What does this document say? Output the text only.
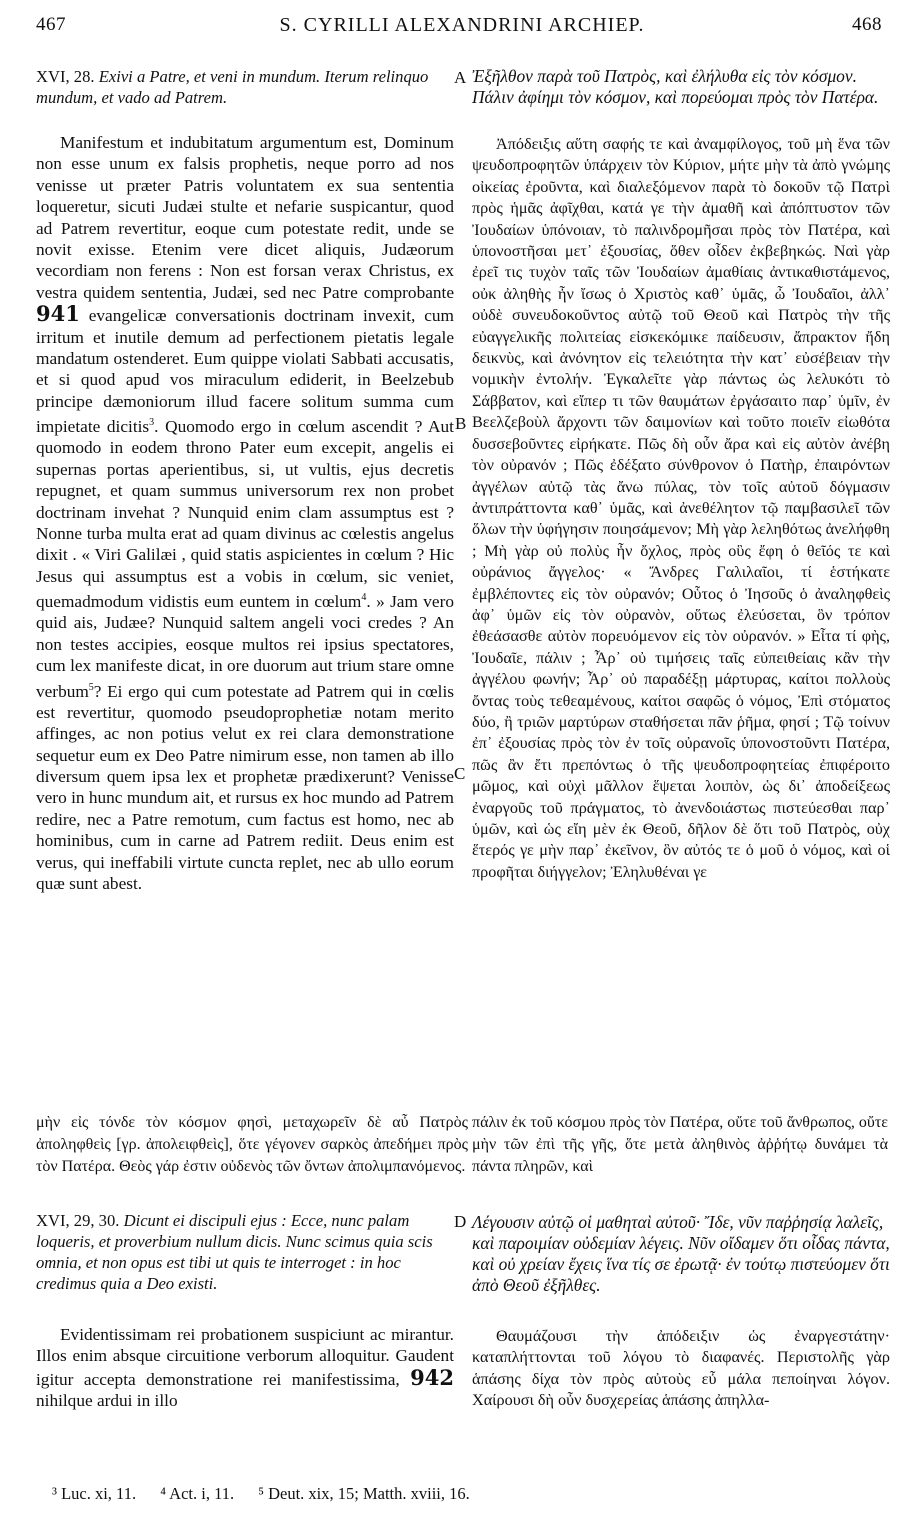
467	S. CYRILLI ALEXANDRINI ARCHIEP.	468
XVI, 28. Exivi a Patre, et veni in mundum. Iterum relinquo mundum, et vado ad Patrem.
A Ἐξῆλθον παρὰ τοῦ Πατρὸς, καὶ ἐλήλυθα εἰς τὸν κόσμον. Πάλιν ἀφίημι τὸν κόσμον, καὶ πορεύομαι πρὸς τὸν Πατέρα.

Manifestum et indubitatum argumentum est, Dominum non esse unum ex falsis prophetis, neque porro ad nos venisse ut præter Patris voluntatem ex sua sententia loqueretur, sicuti Judæi stulte et nefarie suspicantur, quod ad Patrem revertitur, eoque cum potestate redit, unde se novit exisse. Etenim vere dicet aliquis, Judæorum vecordiam non ferens : Non est forsan verax Christus, ex vestra quidem sententia, Judæi, sed nec Patre comprobante 941 evangelicæ conversationis doctrinam invexit, cum irritum et inutile demum ad perfectionem pietatis legale mandatum ostenderet. Eum quippe violati Sabbati accusatis, et si quod apud vos miraculum ediderit, in Beelzebub principe dæmoniorum illud facere solitum summa cum impietate dicitis$^3$. Quomodo ergo in cœlum ascendit ? Aut quomodo in eodem throno Pater eum excepit, angelis ei supernas portas aperientibus, si, ut vultis, ejus decretis repugnet, et quam summus universorum rex non probet doctrinam invehat ? Nunquid enim clam assumptus est ? Nonne turba multa erat ad quam divinus ac cœlestis angelus dixit . « Viri Galilæi , quid statis aspicientes in cœlum ? Hic Jesus qui assumptus est a vobis in cœlum, sic veniet, quemadmodum vidistis eum euntem in cœlum$^4$. » Jam vero quid ais, Judæe? Nunquid saltem angeli voci credes ? An non testes accipies, eosque multos rei ipsius spectatores, cum lex manifeste dicat, in ore duorum aut trium stare omne verbum$^5$? Ei ergo qui cum potestate ad Patrem qui in cœlis est revertitur, quomodo pseudoprophetiæ notam merito affinges, ac non potius velut ex rei clara demonstratione sequetur eum ex Deo Patre nimirum esse, non tamen ab illo diversum quem ipsa lex et prophetæ prædixerunt? Venisse vero in hunc mundum ait, et rursus ex hoc mundo ad Patrem redire, nec a Patre remotum, cum factus est homo, nec ab hominibus, cum in carne ad Patrem rediit. Deus enim est verus, qui ineffabili virtute cuncta replet, nec ab ullo eorum quæ sunt abest.

B
C

Ἀπόδειξις αὕτη σαφής τε καὶ ἀναμφίλογος, τοῦ μὴ ἕνα τῶν ψευδοπροφητῶν ὑπάρχειν τὸν Κύριον, μήτε μὴν τὰ ἀπὸ γνώμης οἰκείας ἐροῦντα, καὶ διαλεξόμενον παρὰ τὸ δοκοῦν τῷ Πατρὶ πρὸς ἡμᾶς ἀφῖχθαι, κατά γε τὴν ἀμαθῆ καὶ ἀπόπτυστον τῶν Ἰουδαίων ὑπόνοιαν, τὸ παλινδρομῆσαι πρὸς τὸν Πατέρα, καὶ ὑπονοστῆσαι μετ᾽ ἐξουσίας, ὅθεν οἶδεν ἐκβεβηκώς. Ναὶ γὰρ ἐρεῖ τις τυχὸν ταῖς τῶν Ἰουδαίων ἀμαθίαις ἀντικαθιστάμενος, οὐκ ἀληθὴς ἦν ἴσως ὁ Χριστὸς καθ᾽ ὑμᾶς, ὦ Ἰουδαῖοι, ἀλλ᾽ οὐδὲ συνευδοκοῦντος αὐτῷ τοῦ Θεοῦ καὶ Πατρὸς τὴν τῆς εὐαγγελικῆς πολιτείας εἰσκεκόμικε παίδευσιν, ἄπρακτον ἤδη δεικνὺς, καὶ ἀνόνητον εἰς τελειότητα τὴν κατ᾽ εὐσέβειαν τὴν νομικὴν ἐντολήν. Ἐγκαλεῖτε γὰρ πάντως ὡς λελυκότι τὸ Σάββατον, καὶ εἴπερ τι τῶν θαυμάτων ἐργάσαιτο παρ᾽ ὑμῖν, ἐν Βεελζεβοὺλ ἄρχοντι τῶν δαιμονίων καὶ τοῦτο ποιεῖν εἰωθότα δυσσεβοῦντες εἰρήκατε. Πῶς δὴ οὖν ἄρα καὶ εἰς αὐτὸν ἀνέβη τὸν οὐρανόν ; Πῶς ἐδέξατο σύνθρονον ὁ Πατὴρ, ἐπαιρόντων ἀγγέλων αὐτῷ τὰς ἄνω πύλας, τὸν τοῖς αὐτοῦ δόγμασιν ἀντιπράττοντα καθ᾽ ὑμᾶς, καὶ ἀνεθέλητον τῷ παμβασιλεῖ τῶν ὅλων τὴν ὑφήγησιν ποιησάμενον; Μὴ γὰρ λεληθότως ἀνελήφθη ; Μὴ γὰρ οὐ πολὺς ἦν ὄχλος, πρὸς οὓς ἔφη ὁ θεῖός τε καὶ οὐράνιος ἄγγελος· « Ἄνδρες Γαλιλαῖοι, τί ἑστήκατε ἐμβλέποντες εἰς τὸν οὐρανόν; Οὗτος ὁ Ἰησοῦς ὁ ἀναληφθεὶς ἀφ᾽ ὑμῶν εἰς τὸν οὐρανὸν, οὕτως ἐλεύσεται, ὃν τρόπον ἐθεάσασθε αὐτὸν πορευόμενον εἰς τὸν οὐρανόν. » Εἶτα τί φὴς, Ἰουδαῖε, πάλιν ; Ἆρ᾽ οὐ τιμήσεις ταῖς εὐπειθείαις κἂν τὴν ἀγγέλου φωνήν; Ἆρ᾽ οὐ παραδέξῃ μάρτυρας, καίτοι πολλοὺς ὄντας τοὺς τεθεαμένους, καίτοι σαφῶς ὁ νόμος, Ἐπὶ στόματος δύο, ἢ τριῶν μαρτύρων σταθήσεται πᾶν ῥῆμα, φησί ; Τῷ τοίνυν ἐπ᾽ ἐξουσίας πρὸς τὸν ἐν τοῖς οὐρανοῖς ὑπονοστοῦντι Πατέρα, πῶς ἂν ἔτι πρεπόντως ὁ τῆς ψευδοπροφητείας ἐπιφέροιτο μῶμος, καὶ οὐχὶ μᾶλλον ἕψεται λοιπὸν, ὡς δι᾽ ἀποδείξεως ἐναργοῦς τοῦ πράγματος, τὸ ἀνενδοιάστως πιστεύεσθαι παρ᾽ ὑμῶν, καὶ ὡς εἴη μὲν ἐκ Θεοῦ, δῆλον δὲ ὅτι τοῦ Πατρὸς, οὐχ ἕτερός γε μὴν παρ᾽ ἐκεῖνον, ὃν αὐτός τε ὁ μοῦ ὁ νόμος, καὶ οἱ προφῆται διήγγελον; Ἐληλυθέναι γε

μὴν εἰς τόνδε τὸν κόσμον φησὶ, μεταχωρεῖν δὲ αὖ Πατρὸς ἀποληφθεὶς [γρ. ἀπολειφθεὶς], ὅτε γέγονεν σαρκὸς ἀπεδήμει πρὸς τὸν Πατέρα. Θεὸς γάρ ἐστιν οὐδενὸς τῶν ὄντων ἀπολιμπανόμενος.
πάλιν ἐκ τοῦ κόσμου πρὸς τὸν Πατέρα, οὔτε τοῦ ἄνθρωπος, οὔτε μὴν τῶν ἐπὶ τῆς γῆς, ὅτε μετὰ ἀληθινὸς ἀῤῥήτῳ δυνάμει τὰ πάντα πληρῶν, καὶ
XVI, 29, 30. Dicunt ei discipuli ejus : Ecce, nunc palam loqueris, et proverbium nullum dicis. Nunc scimus quia scis omnia, et non opus est tibi ut quis te interroget : in hoc credimus quia a Deo existi.
D Λέγουσιν αὐτῷ οἱ μαθηταὶ αὐτοῦ· Ἴδε, νῦν παῤῥησίᾳ λαλεῖς, καὶ παροιμίαν οὐδεμίαν λέγεις. Νῦν οἴδαμεν ὅτι οἶδας πάντα, καὶ οὐ χρείαν ἔχεις ἵνα τίς σε ἐρωτᾷ· ἐν τούτῳ πιστεύομεν ὅτι ἀπὸ Θεοῦ ἐξῆλθες.

Evidentissimam rei probationem suspiciunt ac mirantur. Illos enim absque circuitione verborum alloquitur. Gaudent igitur accepta demonstratione rei manifestissima, 942 nihilque ardui in illo

Θαυμάζουσι τὴν ἀπόδειξιν ὡς ἐναργεστάτην· καταπλήττονται τοῦ λόγου τὸ διαφανές. Περιστολῆς γὰρ ἁπάσης δίχα τὸν πρὸς αὐτοὺς εὖ μάλα πεποίηναι λόγον. Χαίρουσι δὴ οὖν δυσχερείας ἁπάσης ἀπηλλα-

³ Luc. xi, 11. ⁴ Act. i, 11. ⁵ Deut. xix, 15; Matth. xviii, 16.
